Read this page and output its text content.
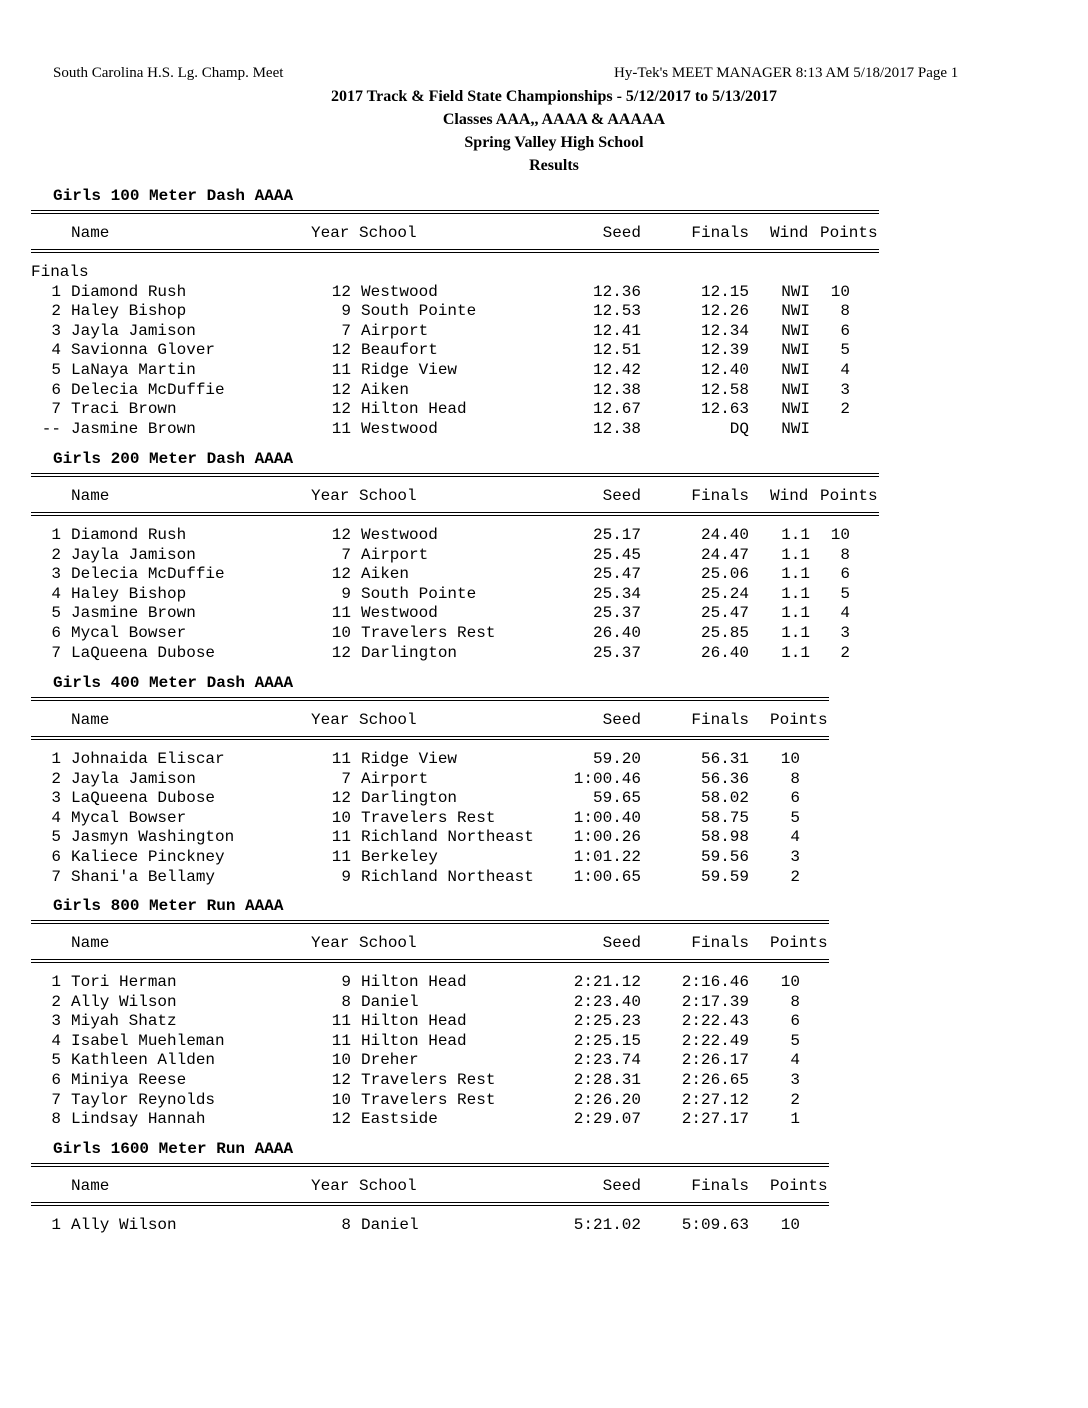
South Carolina H.S. Lg. Champ. Meet	Hy-Tek's MEET MANAGER 8:13 AM 5/18/2017 Page 1
2017 Track & Field State Championships - 5/12/2017 to 5/13/2017
Classes AAA,, AAAA & AAAAA
Spring Valley High School
Results
Girls 100 Meter Dash AAAA
Name	Year School	Seed	Finals Wind Points
Finals
1 Diamond Rush	12 Westwood	12.36	12.15	NWI	10
2 Haley Bishop	9 South Pointe	12.53	12.26	NWI	8
3 Jayla Jamison	7 Airport	12.41	12.34	NWI	6
4 Savionna Glover	12 Beaufort	12.51	12.39	NWI	5
5 LaNaya Martin	11 Ridge View	12.42	12.40	NWI	4
6 Delecia McDuffie	12 Aiken	12.38	12.58	NWI	3
7 Traci Brown	12 Hilton Head	12.67	12.63	NWI	2
-- Jasmine Brown	11 Westwood	12.38	DQ	NWI
Girls 200 Meter Dash AAAA
Name	Year School	Seed	Finals Wind Points
1 Diamond Rush	12 Westwood	25.17	24.40	1.1	10
2 Jayla Jamison	7 Airport	25.45	24.47	1.1	8
3 Delecia McDuffie	12 Aiken	25.47	25.06	1.1	6
4 Haley Bishop	9 South Pointe	25.34	25.24	1.1	5
5 Jasmine Brown	11 Westwood	25.37	25.47	1.1	4
6 Mycal Bowser	10 Travelers Rest	26.40	25.85	1.1	3
7 LaQueena Dubose	12 Darlington	25.37	26.40	1.1	2
Girls 400 Meter Dash AAAA
Name	Year School	Seed	Finals Points
1 Johnaida Eliscar	11 Ridge View	59.20	56.31	10
2 Jayla Jamison	7 Airport	1:00.46	56.36	8
3 LaQueena Dubose	12 Darlington	59.65	58.02	6
4 Mycal Bowser	10 Travelers Rest	1:00.40	58.75	5
5 Jasmyn Washington	11 Richland Northeast	1:00.26	58.98	4
6 Kaliece Pinckney	11 Berkeley	1:01.22	59.56	3
7 Shani'a Bellamy	9 Richland Northeast	1:00.65	59.59	2
Girls 800 Meter Run AAAA
Name	Year School	Seed	Finals Points
1 Tori Herman	9 Hilton Head	2:21.12	2:16.46	10
2 Ally Wilson	8 Daniel	2:23.40	2:17.39	8
3 Miyah Shatz	11 Hilton Head	2:25.23	2:22.43	6
4 Isabel Muehleman	11 Hilton Head	2:25.15	2:22.49	5
5 Kathleen Allden	10 Dreher	2:23.74	2:26.17	4
6 Miniya Reese	12 Travelers Rest	2:28.31	2:26.65	3
7 Taylor Reynolds	10 Travelers Rest	2:26.20	2:27.12	2
8 Lindsay Hannah	12 Eastside	2:29.07	2:27.17	1
Girls 1600 Meter Run AAAA
Name	Year School	Seed	Finals Points
1 Ally Wilson	8 Daniel	5:21.02	5:09.63	10
